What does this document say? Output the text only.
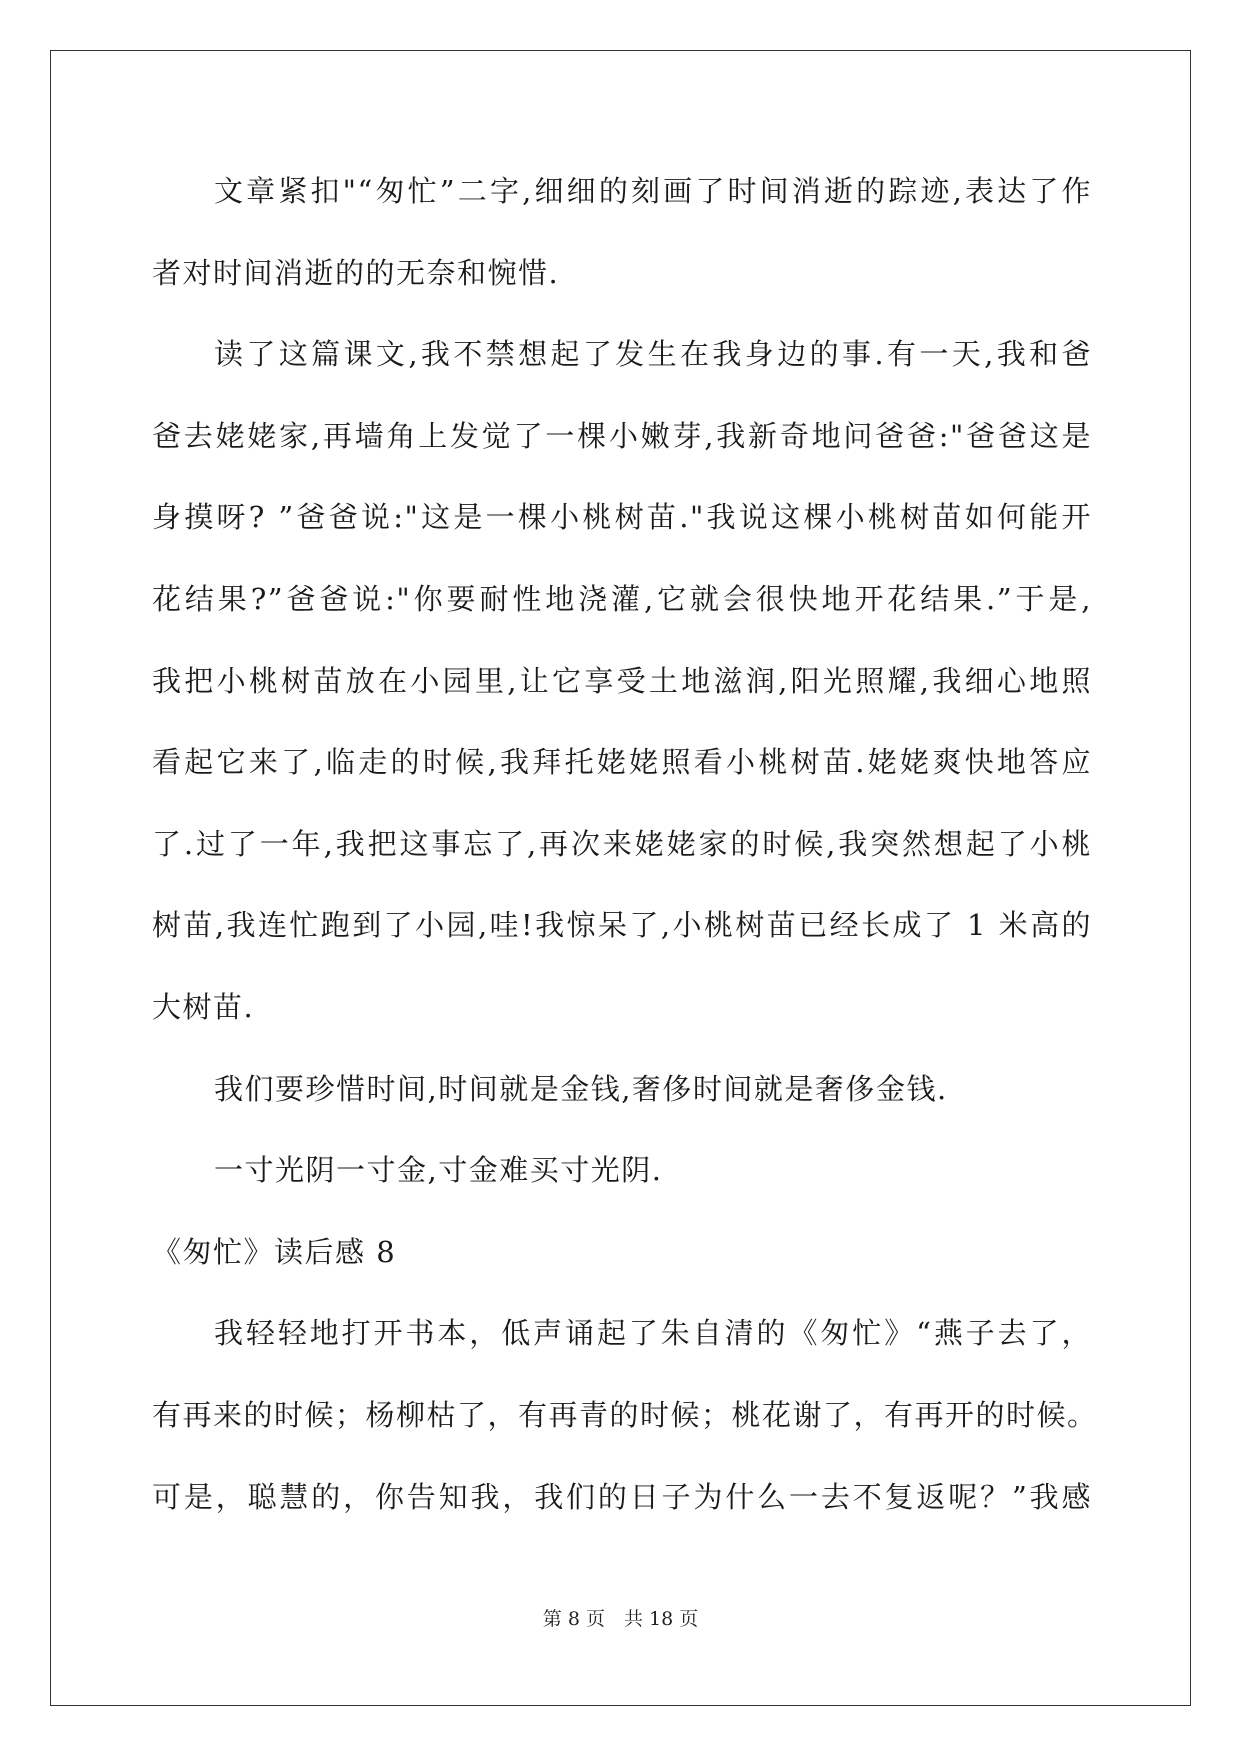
文章紧扣"“匆忙”二字,细细的刻画了时间消逝的踪迹,表达了作
者对时间消逝的的无奈和惋惜.
读了这篇课文,我不禁想起了发生在我身边的事.有一天,我和爸
爸去姥姥家,再墙角上发觉了一棵小嫩芽,我新奇地问爸爸:"爸爸这是
身摸呀? ”爸爸说:"这是一棵小桃树苗."我说这棵小桃树苗如何能开
花结果?”爸爸说:"你要耐性地浇灌,它就会很快地开花结果.”于是,
我把小桃树苗放在小园里,让它享受土地滋润,阳光照耀,我细心地照
看起它来了,临走的时候,我拜托姥姥照看小桃树苗.姥姥爽快地答应
了.过了一年,我把这事忘了,再次来姥姥家的时候,我突然想起了小桃
树苗,我连忙跑到了小园,哇!我惊呆了,小桃树苗已经长成了 1 米高的
大树苗.
我们要珍惜时间,时间就是金钱,奢侈时间就是奢侈金钱.
一寸光阴一寸金,寸金难买寸光阴.
《匆忙》读后感 8
我轻轻地打开书本，低声诵起了朱自清的《匆忙》“燕子去了，
有再来的时候；杨柳枯了，有再青的时候；桃花谢了，有再开的时候。
可是，聪慧的，你告知我，我们的日子为什么一去不复返呢？”我感
第 8 页　共 18 页
